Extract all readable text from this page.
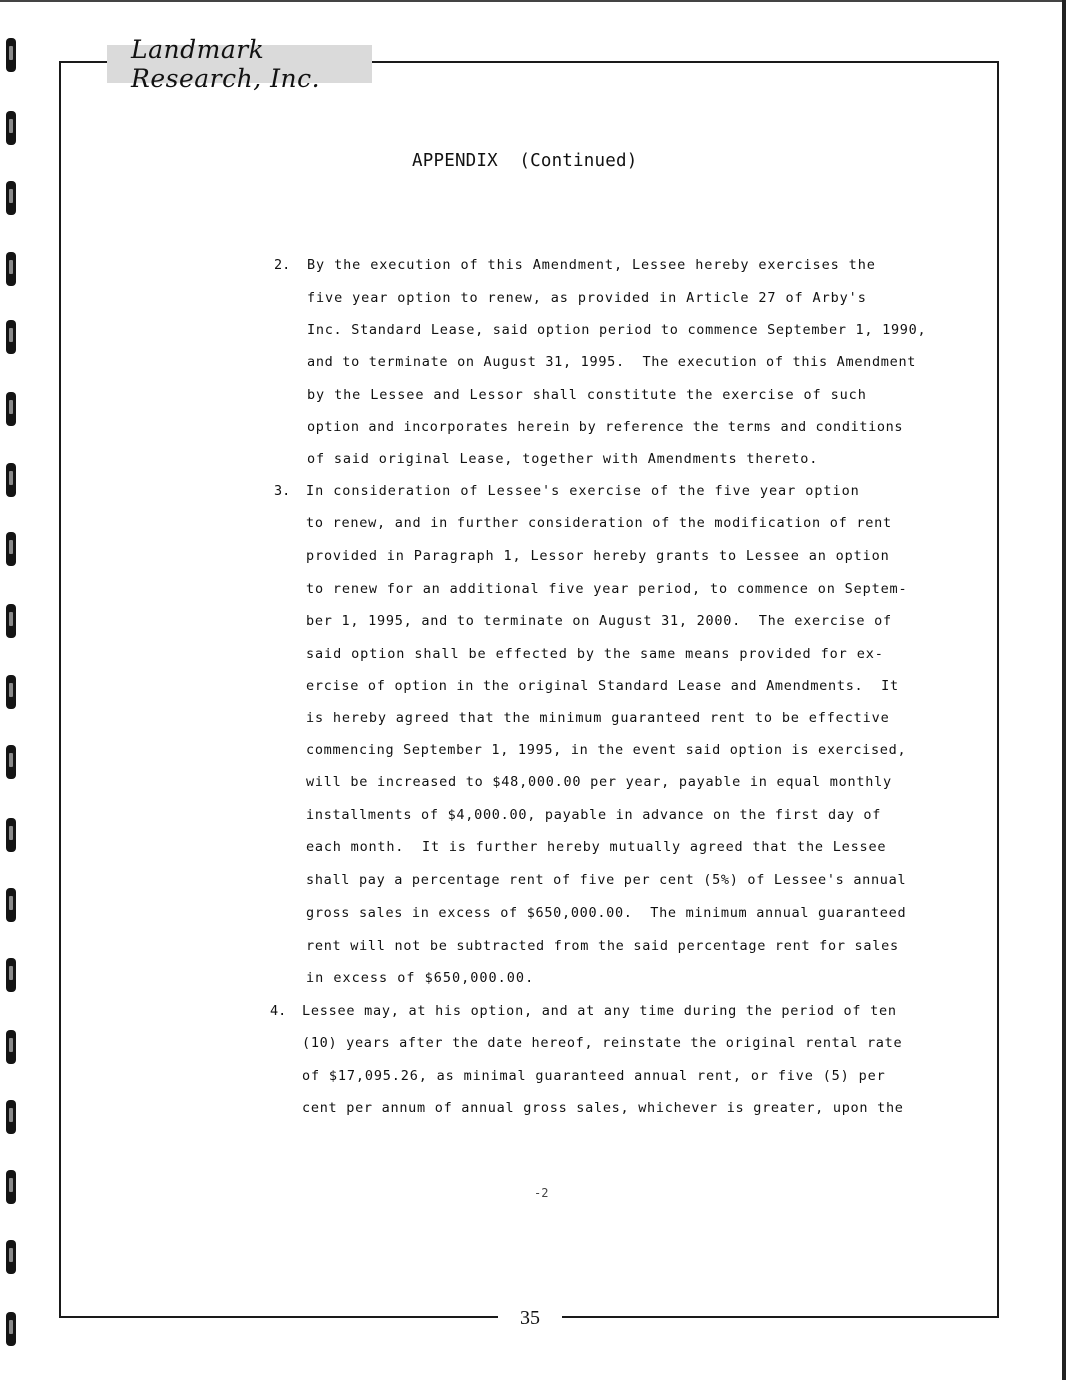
Landmark Research, Inc.
APPENDIX  (Continued)
2. By the execution of this Amendment, Lessee hereby exercises the
five year option to renew, as provided in Article 27 of Arby's
Inc. Standard Lease, said option period to commence September 1, 1990,
and to terminate on August 31, 1995.  The execution of this Amendment
by the Lessee and Lessor shall constitute the exercise of such
option and incorporates herein by reference the terms and conditions
of said original Lease, together with Amendments thereto.
3. In consideration of Lessee's exercise of the five year option
to renew, and in further consideration of the modification of rent
provided in Paragraph 1, Lessor hereby grants to Lessee an option
to renew for an additional five year period, to commence on Septem-
ber 1, 1995, and to terminate on August 31, 2000.  The exercise of
said option shall be effected by the same means provided for ex-
ercise of option in the original Standard Lease and Amendments.  It
is hereby agreed that the minimum guaranteed rent to be effective
commencing September 1, 1995, in the event said option is exercised,
will be increased to $48,000.00 per year, payable in equal monthly
installments of $4,000.00, payable in advance on the first day of
each month.  It is further hereby mutually agreed that the Lessee
shall pay a percentage rent of five per cent (5%) of Lessee's annual
gross sales in excess of $650,000.00.  The minimum annual guaranteed
rent will not be subtracted from the said percentage rent for sales
in excess of $650,000.00.
4. Lessee may, at his option, and at any time during the period of ten
(10) years after the date hereof, reinstate the original rental rate
of $17,095.26, as minimal guaranteed annual rent, or five (5) per
cent per annum of annual gross sales, whichever is greater, upon the
-2
35
